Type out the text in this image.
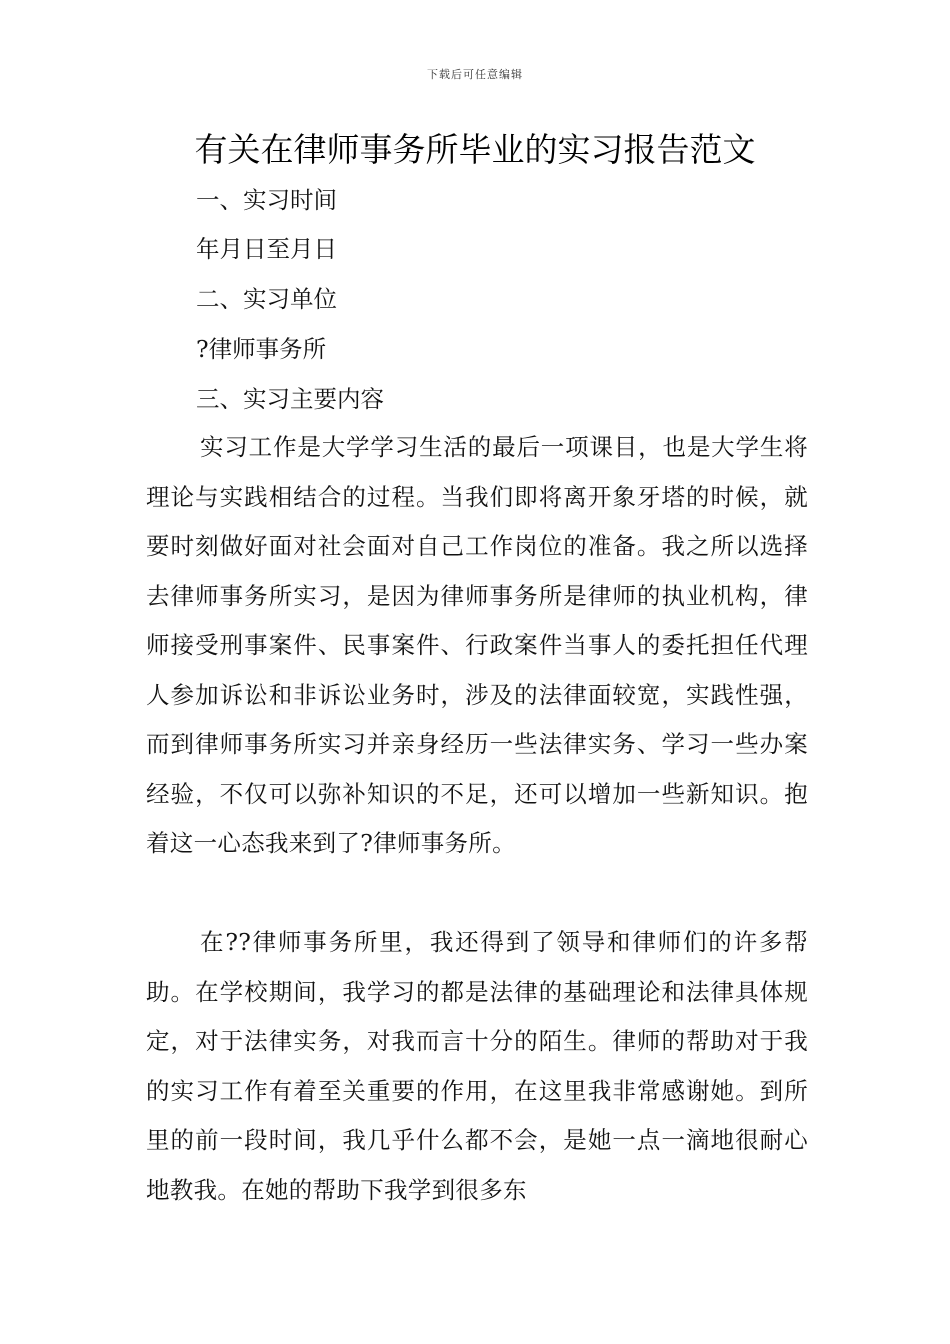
下载后可任意编辑
有关在律师事务所毕业的实习报告范文

一、实习时间

年月日至月日

二、实习单位

?律师事务所

三、实习主要内容

实习工作是大学学习生活的最后一项课目，也是大学生将理论与实践相结合的过程。当我们即将离开象牙塔的时候，就要时刻做好面对社会面对自己工作岗位的准备。我之所以选择去律师事务所实习，是因为律师事务所是律师的执业机构，律师接受刑事案件、民事案件、行政案件当事人的委托担任代理人参加诉讼和非诉讼业务时，涉及的法律面较宽，实践性强，而到律师事务所实习并亲身经历一些法律实务、学习一些办案经验，不仅可以弥补知识的不足，还可以增加一些新知识。抱着这一心态我来到了?律师事务所。

在??律师事务所里，我还得到了领导和律师们的许多帮助。在学校期间，我学习的都是法律的基础理论和法律具体规定，对于法律实务，对我而言十分的陌生。律师的帮助对于我的实习工作有着至关重要的作用，在这里我非常感谢她。到所里的前一段时间，我几乎什么都不会，是她一点一滴地很耐心地教我。在她的帮助下我学到很多东
